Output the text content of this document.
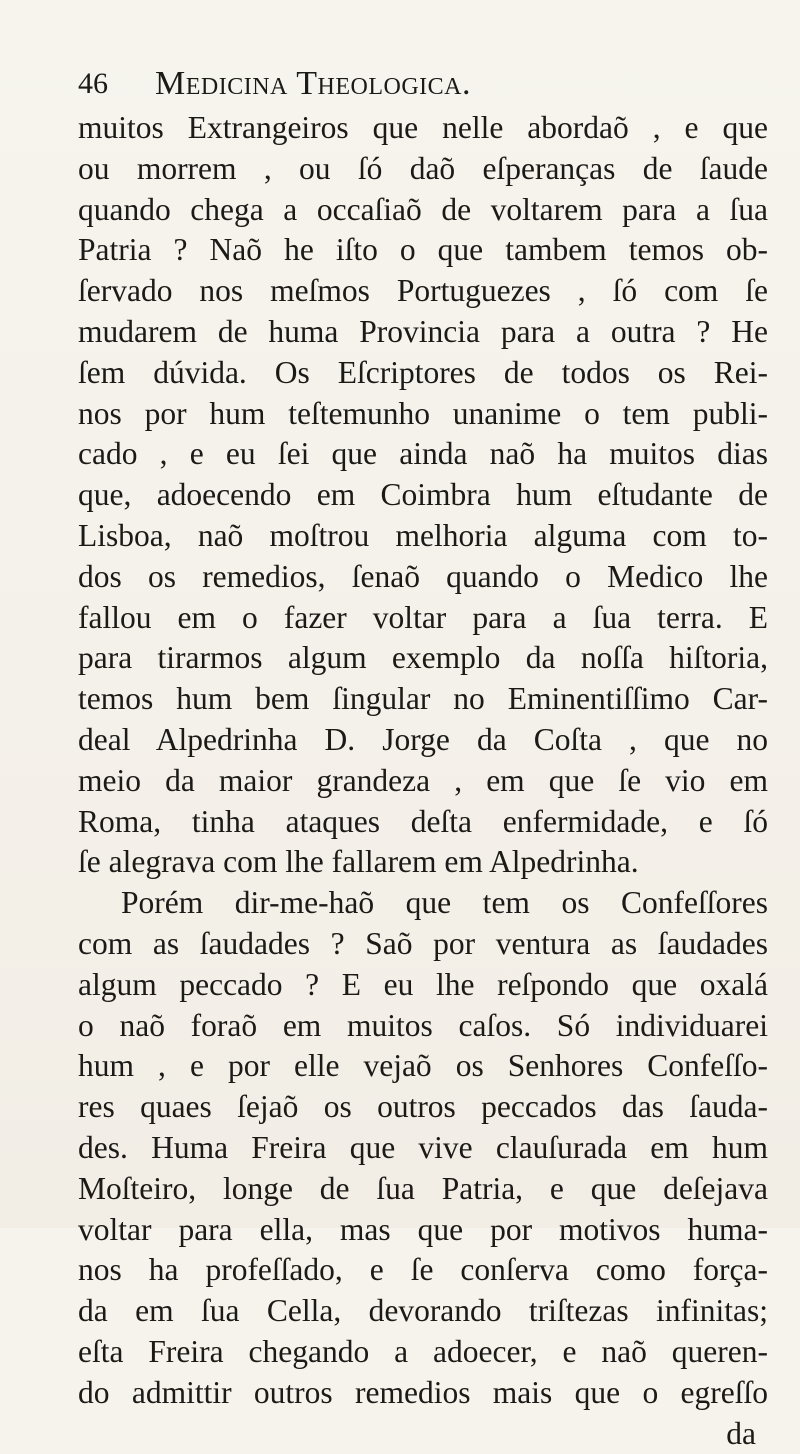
46 Medicina Theologica.
muitos Extrangeiros que nelle abordaõ , e que
ou morrem , ou ſó daõ eſperanças de ſaude
quando chega a occaſiaõ de voltarem para a ſua
Patria ? Naõ he iſto o que tambem temos ob-
ſervado nos meſmos Portuguezes , ſó com ſe
mudarem de huma Provincia para a outra ? He
ſem dúvida. Os Eſcriptores de todos os Rei-
nos por hum teſtemunho unanime o tem publi-
cado , e eu ſei que ainda naõ ha muitos dias
que, adoecendo em Coimbra hum eſtudante de
Lisboa, naõ moſtrou melhoria alguma com to-
dos os remedios, ſenaõ quando o Medico lhe
fallou em o fazer voltar para a ſua terra. E
para tirarmos algum exemplo da noſſa hiſtoria,
temos hum bem ſingular no Eminentiſſimo Car-
deal Alpedrinha D. Jorge da Coſta , que no
meio da maior grandeza , em que ſe vio em
Roma, tinha ataques deſta enfermidade, e ſó
ſe alegrava com lhe fallarem em Alpedrinha.
Porém dir-me-haõ que tem os Confeſſores
com as ſaudades ? Saõ por ventura as ſaudades
algum peccado ? E eu lhe reſpondo que oxalá
o naõ foraõ em muitos caſos. Só individuarei
hum , e por elle vejaõ os Senhores Confeſſo-
res quaes ſejaõ os outros peccados das ſauda-
des. Huma Freira que vive clauſurada em hum
Moſteiro, longe de ſua Patria, e que deſejava
voltar para ella, mas que por motivos huma-
nos ha profeſſado, e ſe conſerva como força-
da em ſua Cella, devorando triſtezas infinitas;
eſta Freira chegando a adoecer, e naõ queren-
do admittir outros remedios mais que o egreſſo
da
